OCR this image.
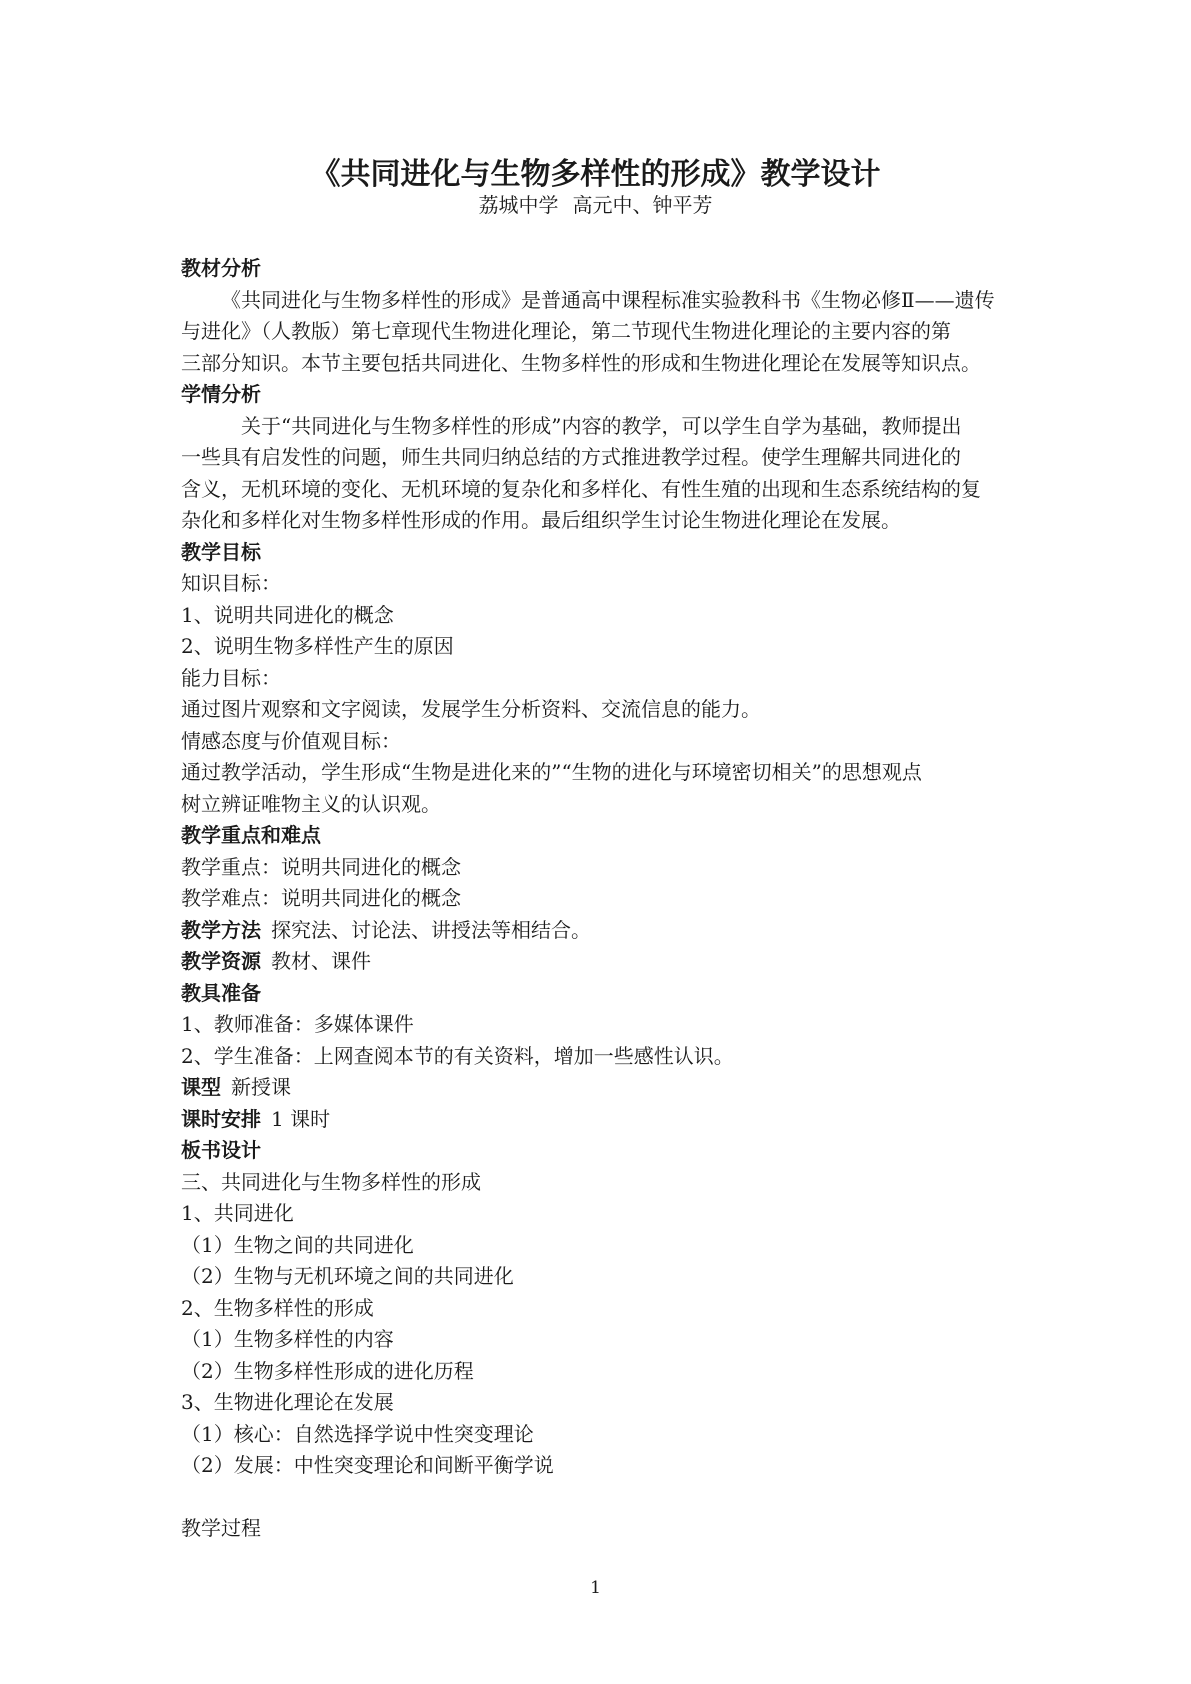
《共同进化与生物多样性的形成》教学设计
荔城中学 高元中、钟平芳
教材分析
《共同进化与生物多样性的形成》是普通高中课程标准实验教科书《生物必修Ⅱ——遗传
与进化》（人教版）第七章现代生物进化理论，第二节现代生物进化理论的主要内容的第
三部分知识。本节主要包括共同进化、生物多样性的形成和生物进化理论在发展等知识点。
学情分析
关于“共同进化与生物多样性的形成”内容的教学，可以学生自学为基础，教师提出
一些具有启发性的问题，师生共同归纳总结的方式推进教学过程。使学生理解共同进化的
含义，无机环境的变化、无机环境的复杂化和多样化、有性生殖的出现和生态系统结构的复
杂化和多样化对生物多样性形成的作用。最后组织学生讨论生物进化理论在发展。
教学目标
知识目标：
1、说明共同进化的概念
2、说明生物多样性产生的原因
能力目标：
通过图片观察和文字阅读，发展学生分析资料、交流信息的能力。
情感态度与价值观目标：
通过教学活动，学生形成“生物是进化来的”“生物的进化与环境密切相关”的思想观点
树立辨证唯物主义的认识观。
教学重点和难点
教学重点：说明共同进化的概念
教学难点：说明共同进化的概念
教学方法 探究法、讨论法、讲授法等相结合。
教学资源 教材、课件
教具准备
1、教师准备：多媒体课件
2、学生准备：上网查阅本节的有关资料，增加一些感性认识。
课型 新授课
课时安排 1 课时
板书设计
三、共同进化与生物多样性的形成
1、共同进化
（1）生物之间的共同进化
（2）生物与无机环境之间的共同进化
2、生物多样性的形成
（1）生物多样性的内容
（2）生物多样性形成的进化历程
3、生物进化理论在发展
（1）核心：自然选择学说中性突变理论
（2）发展：中性突变理论和间断平衡学说
教学过程
1
